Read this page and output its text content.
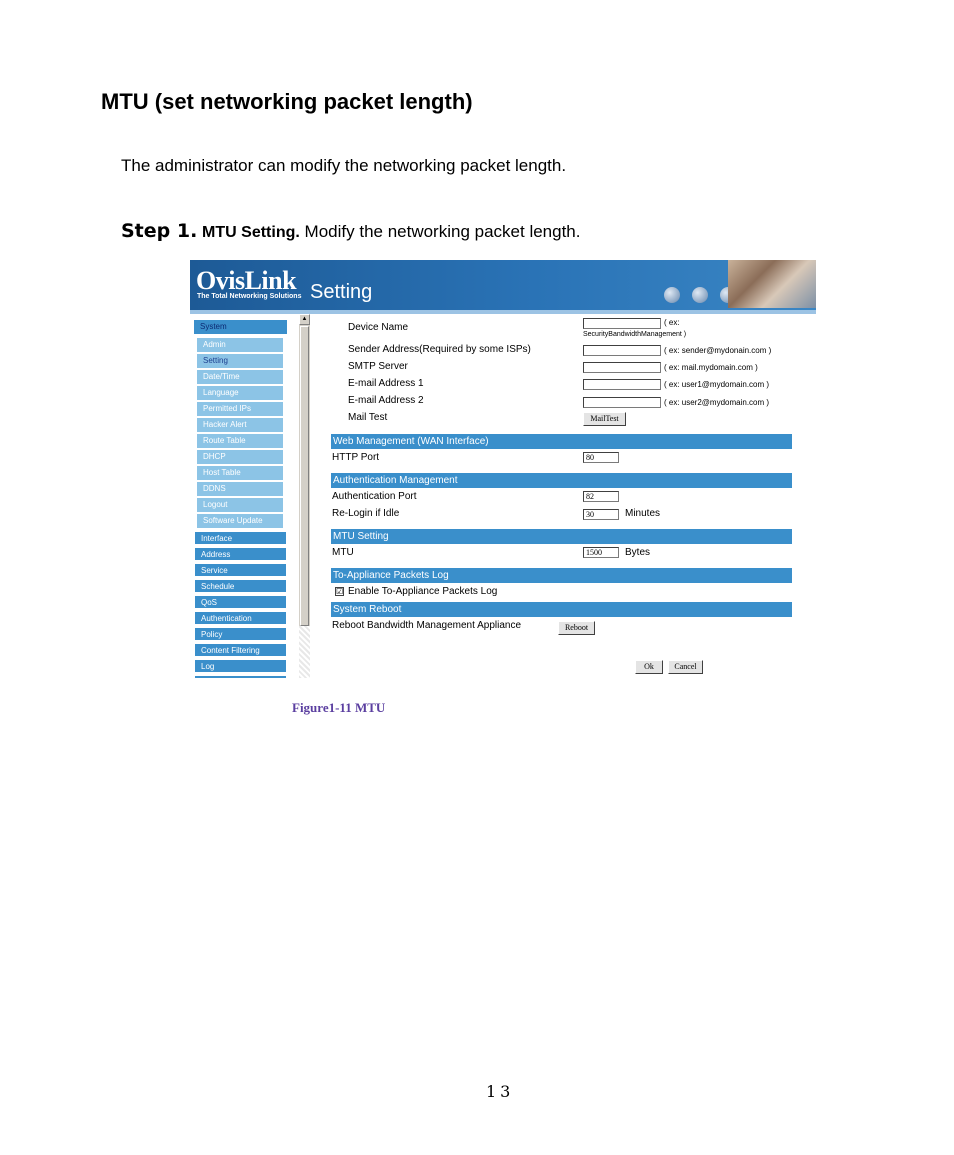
MTU (set networking packet length)
The administrator can modify the networking packet length.
Step 1. MTU Setting. Modify the networking packet length.
OvisLink
The Total Networking Solutions Setting
System
Admin
Setting
Date/Time
Language
Permitted IPs
Hacker Alert
Route Table
DHCP
Host Table
DDNS
Logout
Software Update
Interface
Address
Service
Schedule
QoS
Authentication
Policy
Content Filtering
Log
▲
Device Name	( ex:
SecurityBandwidthManagement )
Sender Address(Required by some ISPs)	( ex: sender@mydonain.com )
SMTP Server	( ex: mail.mydomain.com )
E-mail Address 1	( ex: user1@mydomain.com )
E-mail Address 2	( ex: user2@mydomain.com )
Mail Test	MailTest
Web Management (WAN Interface)
HTTP Port	80
Authentication Management
Authentication Port	82
Re-Login if Idle	30	Minutes
MTU Setting
MTU	1500	Bytes
To-Appliance Packets Log
☑ Enable To-Appliance Packets Log
System Reboot
Reboot Bandwidth Management Appliance	Reboot
Ok	Cancel
Figure1-11 MTU
13
